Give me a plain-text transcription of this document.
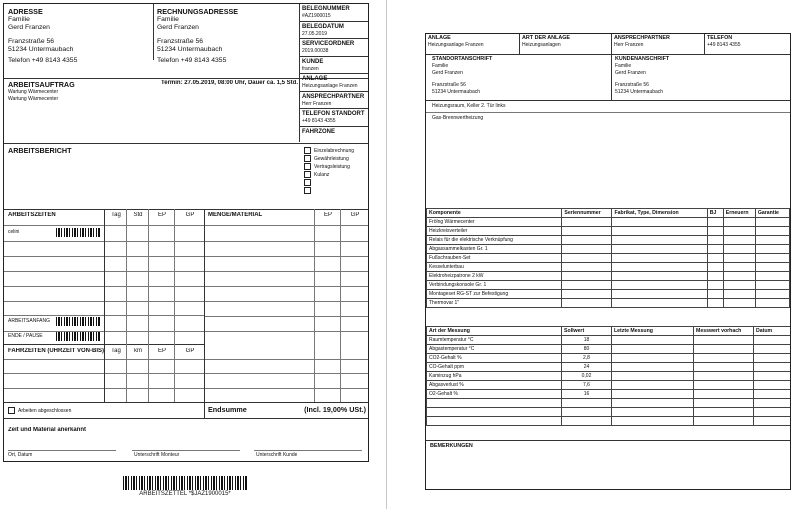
ADRESSE
Familie
Gerd Franzen
Franzstraße 56
51234 Untermaubach
Telefon +49 8143 4355
RECHNUNGSADRESSE
Familie
Gerd Franzen
Franzstraße 56
51234 Untermaubach
Telefon +49 8143 4355
BELEGNUMMER
#AZ1900015
BELEGDATUM
27.05.2019
SERVICEORDNER
2019.00038
KUNDE
franzen
ANLAGE
Heizungsanlage Franzen
ANSPRECHPARTNER
Herr Franzen
TELEFON STANDORT
+49 8143 4355
FAHRZONE
ARBEITSAUFTRAG	Termin: 27.05.2019, 08:00 Uhr, Dauer ca. 1,5 Std.
Wartung Wärmecenter
Wartung Wärmecenter
ARBEITSBERICHT	Einzelabrechnung
Gewährleistung
Vertragsleistung
Kulanz
ARBEITSZEITEN	Tag	Std	EP	GP	MENGE/MATERIAL	EP	GP
celini
ARBEITSANFANG
ENDE / PAUSE
FAHRZEITEN (UHRZEIT VON-BIS)	Tag	km	EP	GP
Arbeiten abgeschlossen	Endsumme	(Incl. 19,00% USt.)
Zeit und Material anerkannt
Ort, Datum	Unterschrift Monteur	Unterschrift Kunde
ARBEITSZETTEL *$JAZ1900015*
ANLAGE
Heizungsanlage Franzen
ART DER ANLAGE
Heizungsanlagen
ANSPRECHPARTNER
Herr Franzen
TELEFON
+49 8143 4355
STANDORTANSCHRIFT
Familie
Gerd Franzen
Franzstraße 56
51234 Untermaubach
KUNDENANSCHRIFT
Familie
Gerd Franzen
Franzstraße 56
51234 Untermaubach
Heizungsraum, Keller 2. Tür links
Gas-Brennwertheizung
Komponente	Seriennummer	Fabrikat, Type, Dimension	BJ	Erneuern	Garantie
Frölng Wärmecenter					
Heizkreisverteiler					
Relais für die elektrische Verknüpfung					
Abgassammelkasten Gr. 1					
Fußschrauben-Set					
Kesselunterbau					
Elektroheizpatrone 2 kW					
Verbindungskonsole Gr. 1					
Montageset RG-ST zur Befestigung					
Thermovar 1"					
Art der Messung	Sollwert	Letzte Messung	Messwert vorhach	Datum
Raumtemperatur °C	18			
Abgastemperatur °C	80			
CO2-Gehalt %	2,8			
CO-Gehalt ppm	24			
Kaminzug hPa	0,02			
Abgasverlust %	7,6			
O2-Gehalt %	16			

BEMERKUNGEN
